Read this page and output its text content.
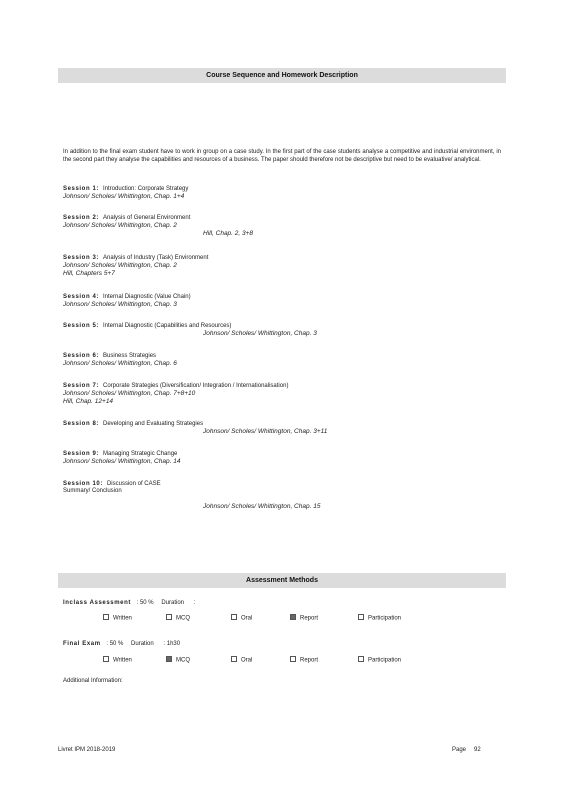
Course Sequence and Homework Description
In addition to the final exam student have to work in group on a case study. In the first part of the case students analyse a competitive and industrial environment, in the second part they analyse the capabilities and resources of a business. The paper should therefore not be descriptive but need to be evaluative/ analytical.
Session 1: Introduction: Corporate Strategy
Johnson/ Scholes/ Whittington, Chap. 1+4
Session 2: Analysis of General Environment
Johnson/ Scholes/ Whittington, Chap. 2
Hill, Chap. 2, 3+8
Session 3: Analysis of Industry (Task) Environment
Johnson/ Scholes/ Whittington, Chap. 2
Hill, Chapters 5+7
Session 4: Internal Diagnostic (Value Chain)
Johnson/ Scholes/ Whittington, Chap. 3
Session 5: Internal Diagnostic (Capabilities and Resources)
Johnson/ Scholes/ Whittington, Chap. 3
Session 6: Business Strategies
Johnson/ Scholes/ Whittington, Chap. 6
Session 7: Corporate Strategies (Diversification/ Integration / Internationalisation)
Johnson/ Scholes/ Whittington, Chap. 7+8+10
Hill, Chap. 12+14
Session 8: Developing and Evaluating Strategies
Johnson/ Scholes/ Whittington, Chap. 3+11
Session 9: Managing Strategic Change
Johnson/ Scholes/ Whittington, Chap. 14
Session 10: Discussion of CASE
Summary/ Conclusion
Johnson/ Scholes/ Whittington, Chap. 15
Assessment Methods
Inclass Assessment : 50 % Duration :
Written	MCQ	Oral	Report	Participation
Final Exam : 50 % Duration : 1h30
Written	MCQ	Oral	Report	Participation
Additional Information:
Livret IPM 2018-2019	Page 92
